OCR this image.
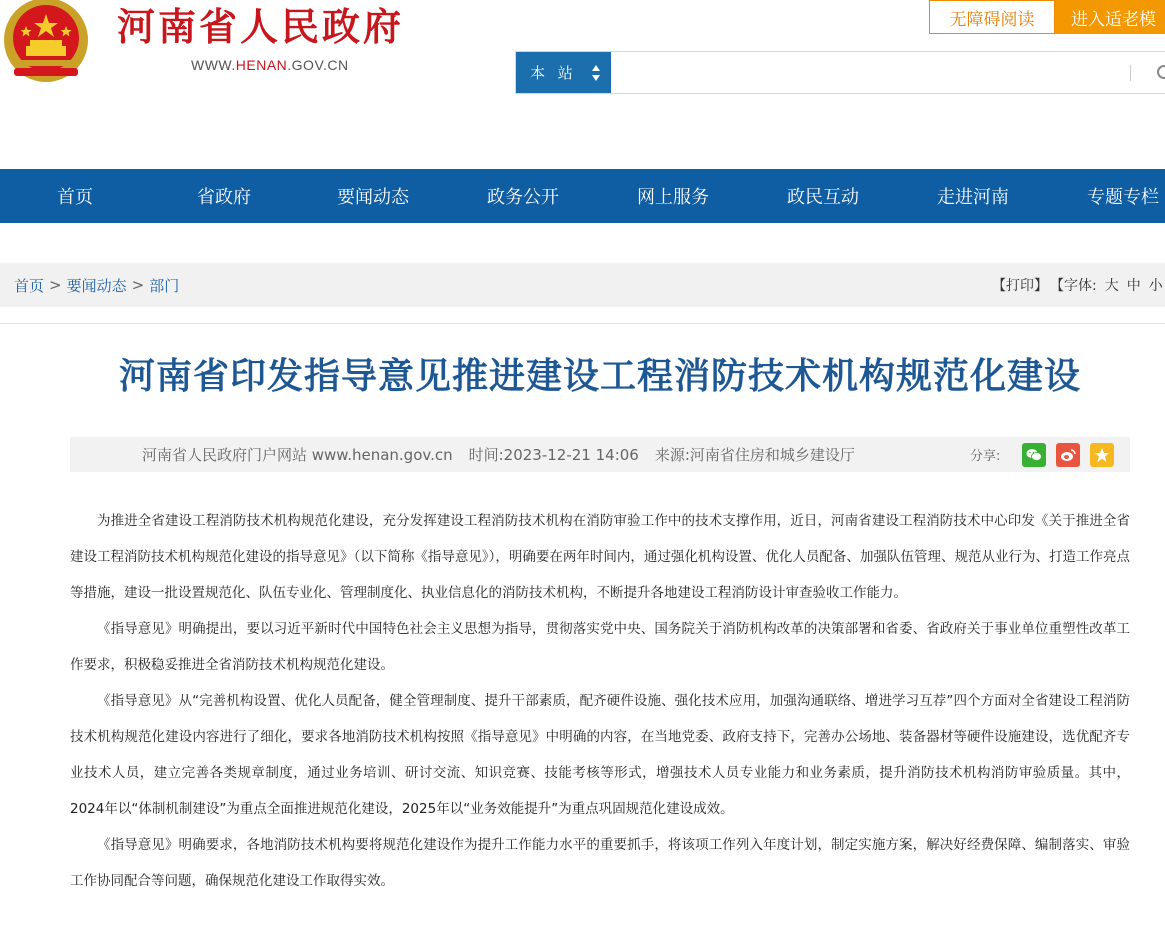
河南省人民政府
WWW.HENAN.GOV.CN
无障碍阅读	进入适老模
本 站
首页	省政府	要闻动态	政务公开	网上服务	政民互动	走进河南	专题专栏
首页 > 要闻动态 > 部门	【打印】 【字体: 大 中 小
河南省印发指导意见推进建设工程消防技术机构规范化建设
河南省人民政府门户网站 www.henan.gov.cn 时间: 2023-12-21 14:06 来源: 河南省住房和城乡建设厅	分享:

为推进全省建设工程消防技术机构规范化建设，充分发挥建设工程消防技术机构在消防审验工作中的技术支撑作用，近日，河南省建设工程消防技术中心印发《关于推进全省建设工程消防技术机构规范化建设的指导意见》（以下简称《指导意见》），明确要在两年时间内，通过强化机构设置、优化人员配备、加强队伍管理、规范从业行为、打造工作亮点等措施，建设一批设置规范化、队伍专业化、管理制度化、执业信息化的消防技术机构，不断提升各地建设工程消防设计审查验收工作能力。

《指导意见》明确提出，要以习近平新时代中国特色社会主义思想为指导，贯彻落实党中央、国务院关于消防机构改革的决策部署和省委、省政府关于事业单位重塑性改革工作要求，积极稳妥推进全省消防技术机构规范化建设。

《指导意见》从“完善机构设置、优化人员配备，健全管理制度、提升干部素质，配齐硬件设施、强化技术应用，加强沟通联络、增进学习互荐”四个方面对全省建设工程消防技术机构规范化建设内容进行了细化，要求各地消防技术机构按照《指导意见》中明确的内容，在当地党委、政府支持下，完善办公场地、装备器材等硬件设施建设，选优配齐专业技术人员，建立完善各类规章制度，通过业务培训、研讨交流、知识竞赛、技能考核等形式，增强技术人员专业能力和业务素质，提升消防技术机构消防审验质量。其中，2024年以“体制机制建设”为重点全面推进规范化建设，2025年以“业务效能提升”为重点巩固规范化建设成效。

《指导意见》明确要求，各地消防技术机构要将规范化建设作为提升工作能力水平的重要抓手，将该项工作列入年度计划，制定实施方案，解决好经费保障、编制落实、审验工作协同配合等问题，确保规范化建设工作取得实效。
